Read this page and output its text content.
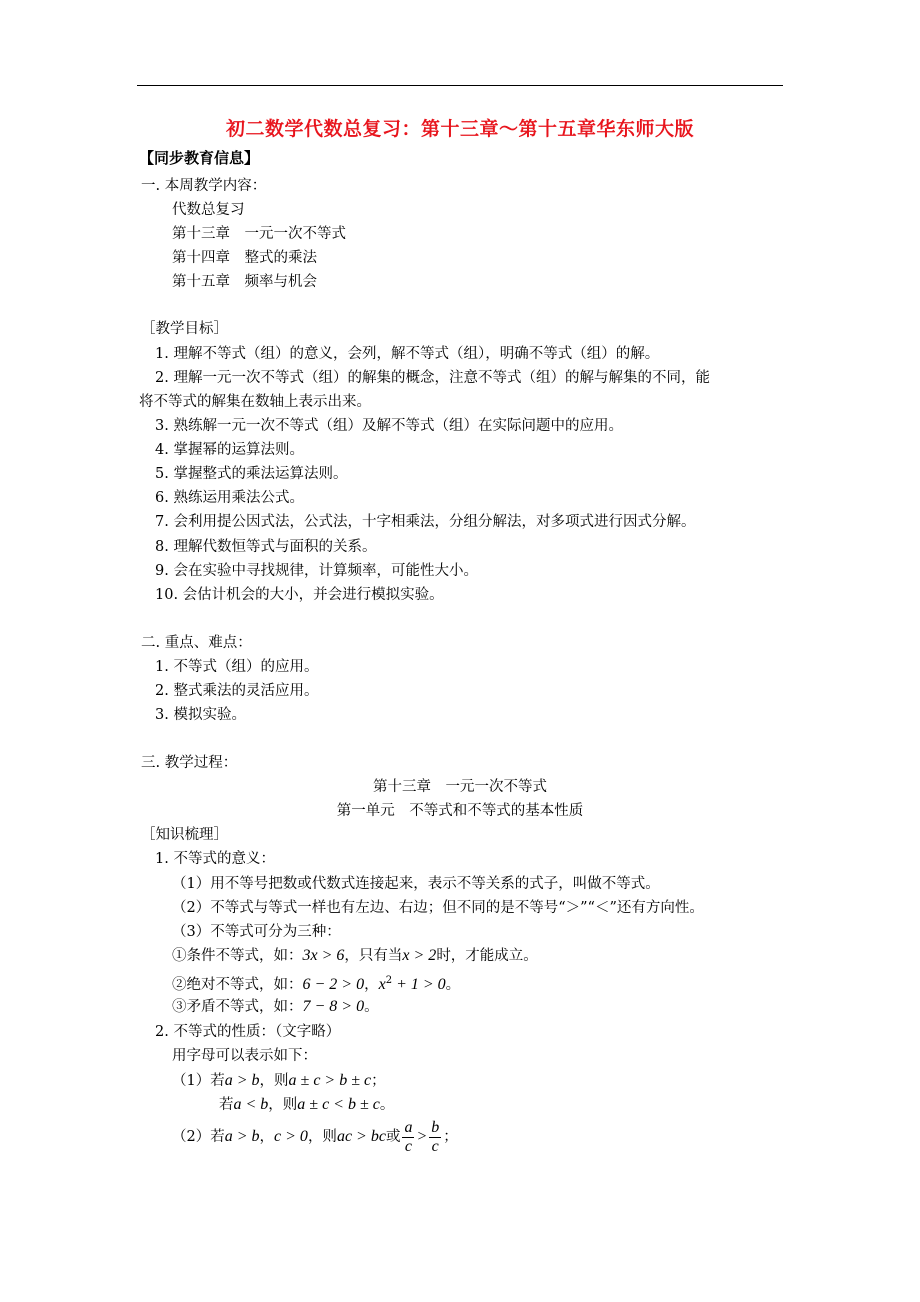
初二数学代数总复习：第十三章～第十五章华东师大版
【同步教育信息】
一. 本周教学内容：
代数总复习
第十三章　一元一次不等式
第十四章　整式的乘法
第十五章　频率与机会
［教学目标］
1. 理解不等式（组）的意义，会列，解不等式（组），明确不等式（组）的解。
2. 理解一元一次不等式（组）的解集的概念，注意不等式（组）的解与解集的不同，能
将不等式的解集在数轴上表示出来。
3. 熟练解一元一次不等式（组）及解不等式（组）在实际问题中的应用。
4. 掌握幂的运算法则。
5. 掌握整式的乘法运算法则。
6. 熟练运用乘法公式。
7. 会利用提公因式法，公式法，十字相乘法，分组分解法，对多项式进行因式分解。
8. 理解代数恒等式与面积的关系。
9. 会在实验中寻找规律，计算频率，可能性大小。
10. 会估计机会的大小，并会进行模拟实验。
二. 重点、难点：
1. 不等式（组）的应用。
2. 整式乘法的灵活应用。
3. 模拟实验。
三. 教学过程：
第十三章　一元一次不等式
第一单元　不等式和不等式的基本性质
［知识梳理］
1. 不等式的意义：
（1）用不等号把数或代数式连接起来，表示不等关系的式子，叫做不等式。
（2）不等式与等式一样也有左边、右边；但不同的是不等号“＞”“＜”还有方向性。
（3）不等式可分为三种：
①条件不等式，如：3x > 6，只有当x > 2时，才能成立。
②绝对不等式，如：6 − 2 > 0，$x^2 + 1 > 0$。
③矛盾不等式，如：7 − 8 > 0。
2. 不等式的性质：（文字略）
用字母可以表示如下：
（1）若a > b，则a ± c > b ± c；
若a < b，则a ± c < b ± c。
（2）若a > b，c > 0，则ac > bc或 $\frac{a}{c} > \frac{b}{c}$ ；
